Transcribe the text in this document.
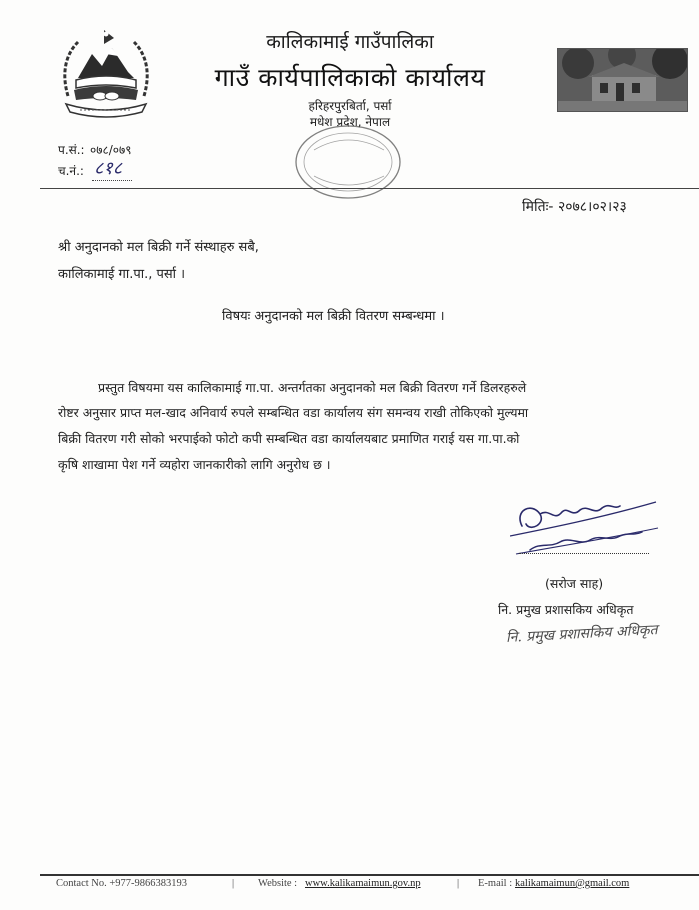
कालिकामाई गाउँपालिका
गाउँ कार्यपालिकाको कार्यालय
हरिहरपुरबिर्ता, पर्सा
मधेश प्रदेश, नेपाल
प.सं.: ०७८/०७९
च.नं.: ८१८
मितिः- २०७८।०२।२३
श्री अनुदानको मल बिक्री गर्ने संस्थाहरु सबै,
कालिकामाई गा.पा., पर्सा ।
विषयः अनुदानको मल बिक्री वितरण सम्बन्धमा ।
प्रस्तुत विषयमा यस कालिकामाई गा.पा. अन्तर्गतका अनुदानको मल बिक्री वितरण गर्ने डिलरहरुले
रोष्टर अनुसार प्राप्त मल-खाद अनिवार्य रुपले सम्बन्धित वडा कार्यालय संग समन्वय राखी तोकिएको मुल्यमा
बिक्री वितरण गरी सोको भरपाईको फोटो कपी सम्बन्धित वडा कार्यालयबाट प्रमाणित गराई यस गा.पा.को
कृषि शाखामा पेश गर्ने व्यहोरा जानकारीको लागि अनुरोध छ ।
(सरोज साह)
नि. प्रमुख प्रशासकिय अधिकृत
नि. प्रमुख प्रशासकिय अधिकृत
Contact No. +977-9866383193	| Website : www.kalikamaimun.gov.np	| E-mail : kalikamaimun@gmail.com
